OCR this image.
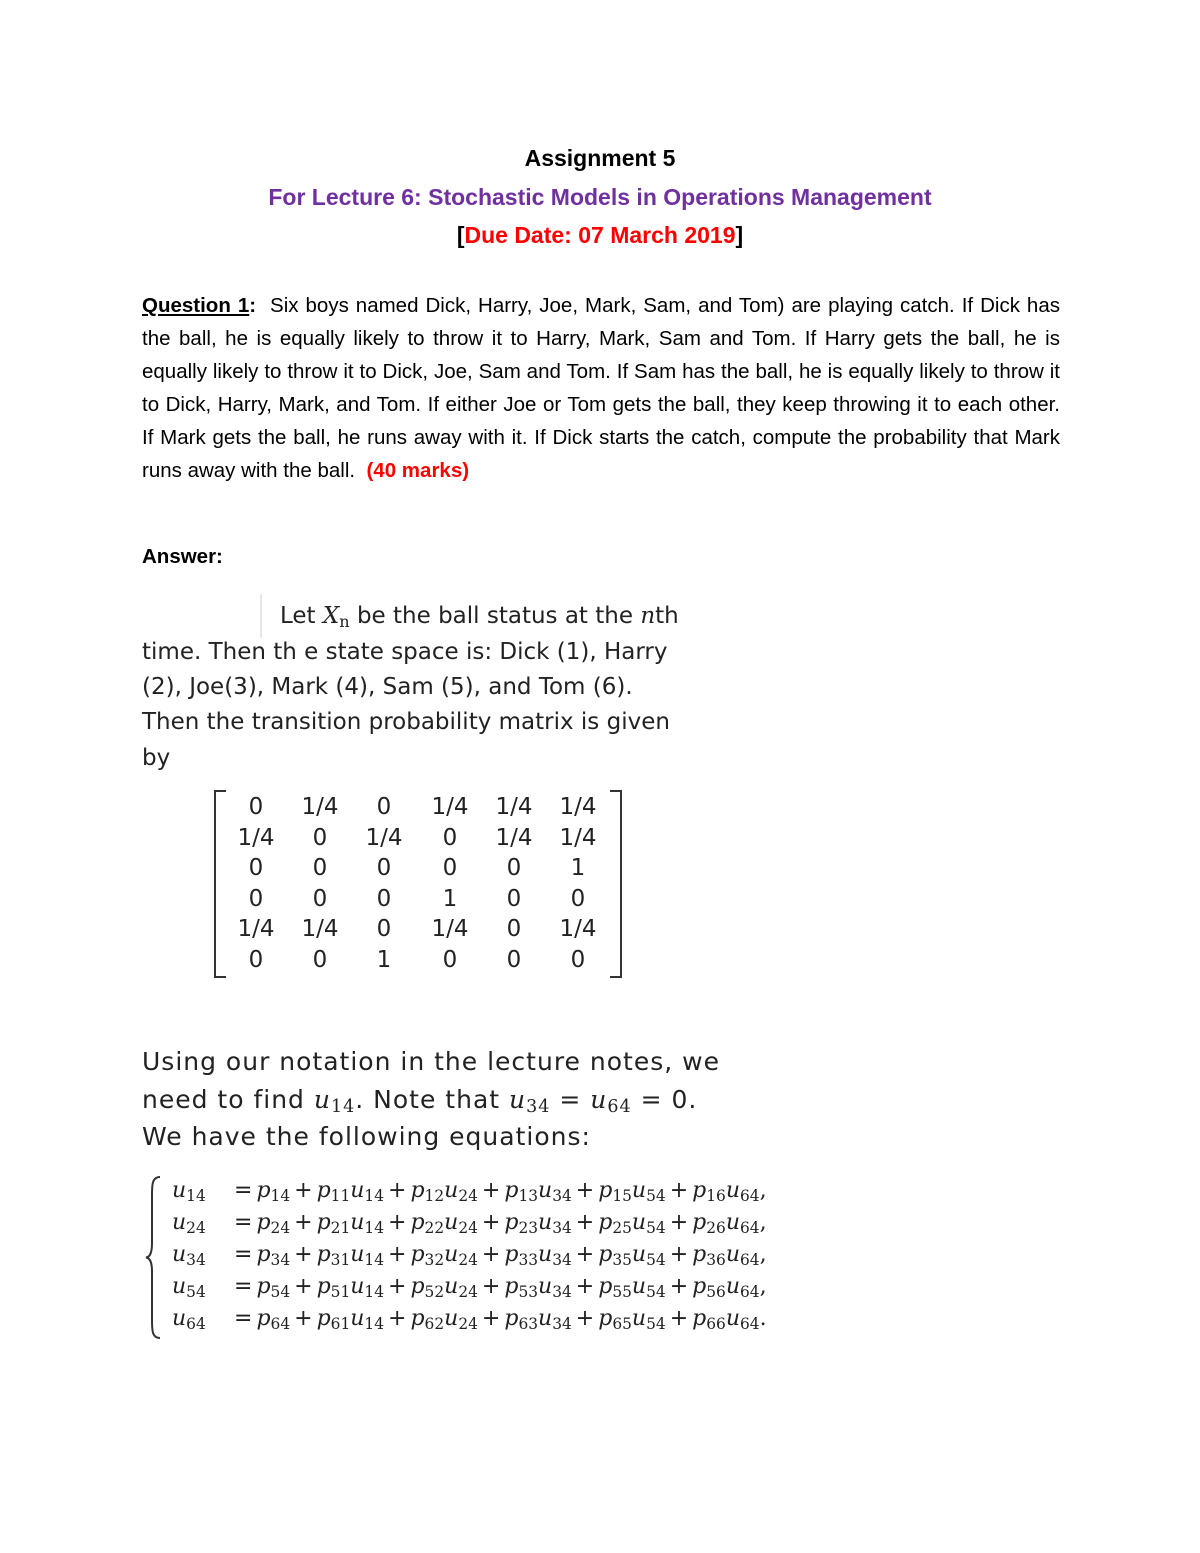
Assignment 5
For Lecture 6: Stochastic Models in Operations Management
[Due Date: 07 March 2019]
Question 1: Six boys named Dick, Harry, Joe, Mark, Sam, and Tom) are playing catch. If Dick has the ball, he is equally likely to throw it to Harry, Mark, Sam and Tom. If Harry gets the ball, he is equally likely to throw it to Dick, Joe, Sam and Tom. If Sam has the ball, he is equally likely to throw it to Dick, Harry, Mark, and Tom. If either Joe or Tom gets the ball, they keep throwing it to each other. If Mark gets the ball, he runs away with it. If Dick starts the catch, compute the probability that Mark runs away with the ball. (40 marks)
Answer:
Let $X_n$ be the ball status at the nth
time. Then th e state space is: Dick (1), Harry
(2), Joe(3), Mark (4), Sam (5), and Tom (6).
Then the transition probability matrix is given
by
0	1/4	0	1/4	1/4	1/4
1/4	0	1/4	0	1/4	1/4
0	0	0	0	0	1
0	0	0	1	0	0
1/4	1/4	0	1/4	0	1/4
0	0	1	0	0	0
Using our notation in the lecture notes, we
need to find $u_{14}$. Note that $u_{34} = u_{64} = 0$.
We have the following equations:
$u_{14} = p_{14} + p_{11}u_{14} + p_{12}u_{24} + p_{13}u_{34} + p_{15}u_{54} + p_{16}u_{64}$,
$u_{24} = p_{24} + p_{21}u_{14} + p_{22}u_{24} + p_{23}u_{34} + p_{25}u_{54} + p_{26}u_{64}$,
$u_{34} = p_{34} + p_{31}u_{14} + p_{32}u_{24} + p_{33}u_{34} + p_{35}u_{54} + p_{36}u_{64}$,
$u_{54} = p_{54} + p_{51}u_{14} + p_{52}u_{24} + p_{53}u_{34} + p_{55}u_{54} + p_{56}u_{64}$,
$u_{64} = p_{64} + p_{61}u_{14} + p_{62}u_{24} + p_{63}u_{34} + p_{65}u_{54} + p_{66}u_{64}$.
